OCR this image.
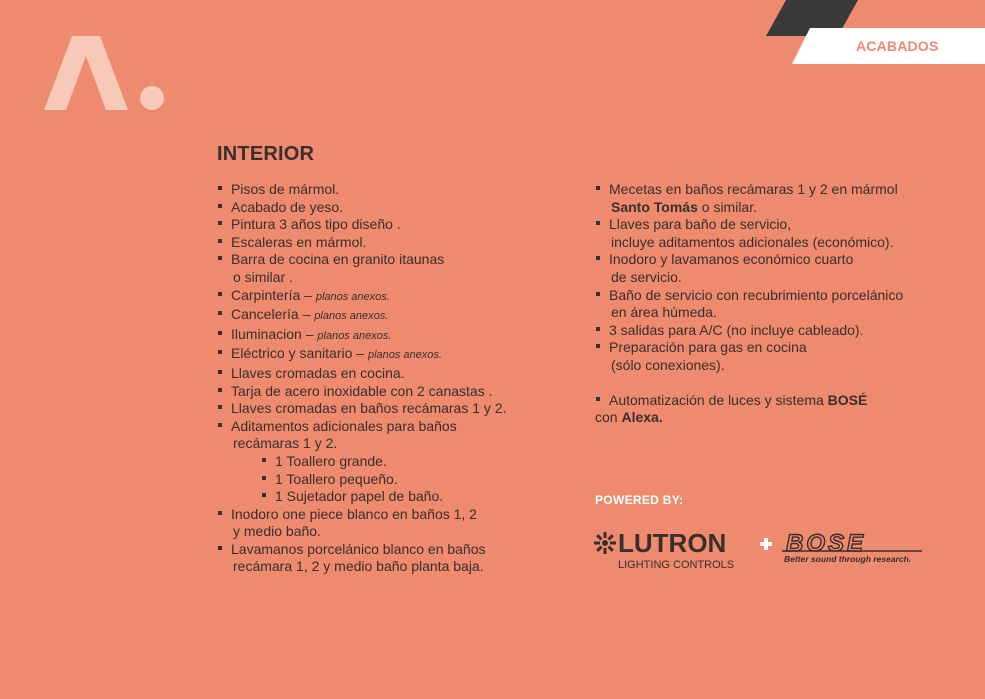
ACABADOS
INTERIOR
Pisos de mármol.
Acabado de yeso.
Pintura 3 años tipo diseño .
Escaleras en mármol.
Barra de cocina en granito itaunas
o similar .
Carpintería – planos anexos.
Cancelería – planos anexos.
Iluminacion – planos anexos.
Eléctrico y sanitario – planos anexos.
Llaves cromadas en cocina.
Tarja de acero inoxidable con 2 canastas .
Llaves cromadas en baños recámaras 1 y 2.
Aditamentos adicionales para baños
recámaras 1 y 2.
1 Toallero grande.
1 Toallero pequeño.
1 Sujetador papel de baño.
Inodoro one piece blanco en baños 1, 2
y medio baño.
Lavamanos porcelánico blanco en baños
recámara 1, 2 y medio baño planta baja.
Mecetas en baños recámaras 1 y 2 en mármol
Santo Tomás o similar.
Llaves para baño de servicio,
incluye aditamentos adicionales (económico).
Inodoro y lavamanos económico cuarto
de servicio.
Baño de servicio con recubrimiento porcelánico
en área húmeda.
3 salidas para A/C (no incluye cableado).
Preparación para gas en cocina
(sólo conexiones).
Automatización de luces y sistema BOSÉ
con Alexa.
POWERED BY:
LUTRON
LIGHTING CONTROLS
BOSE
Better sound through research.
